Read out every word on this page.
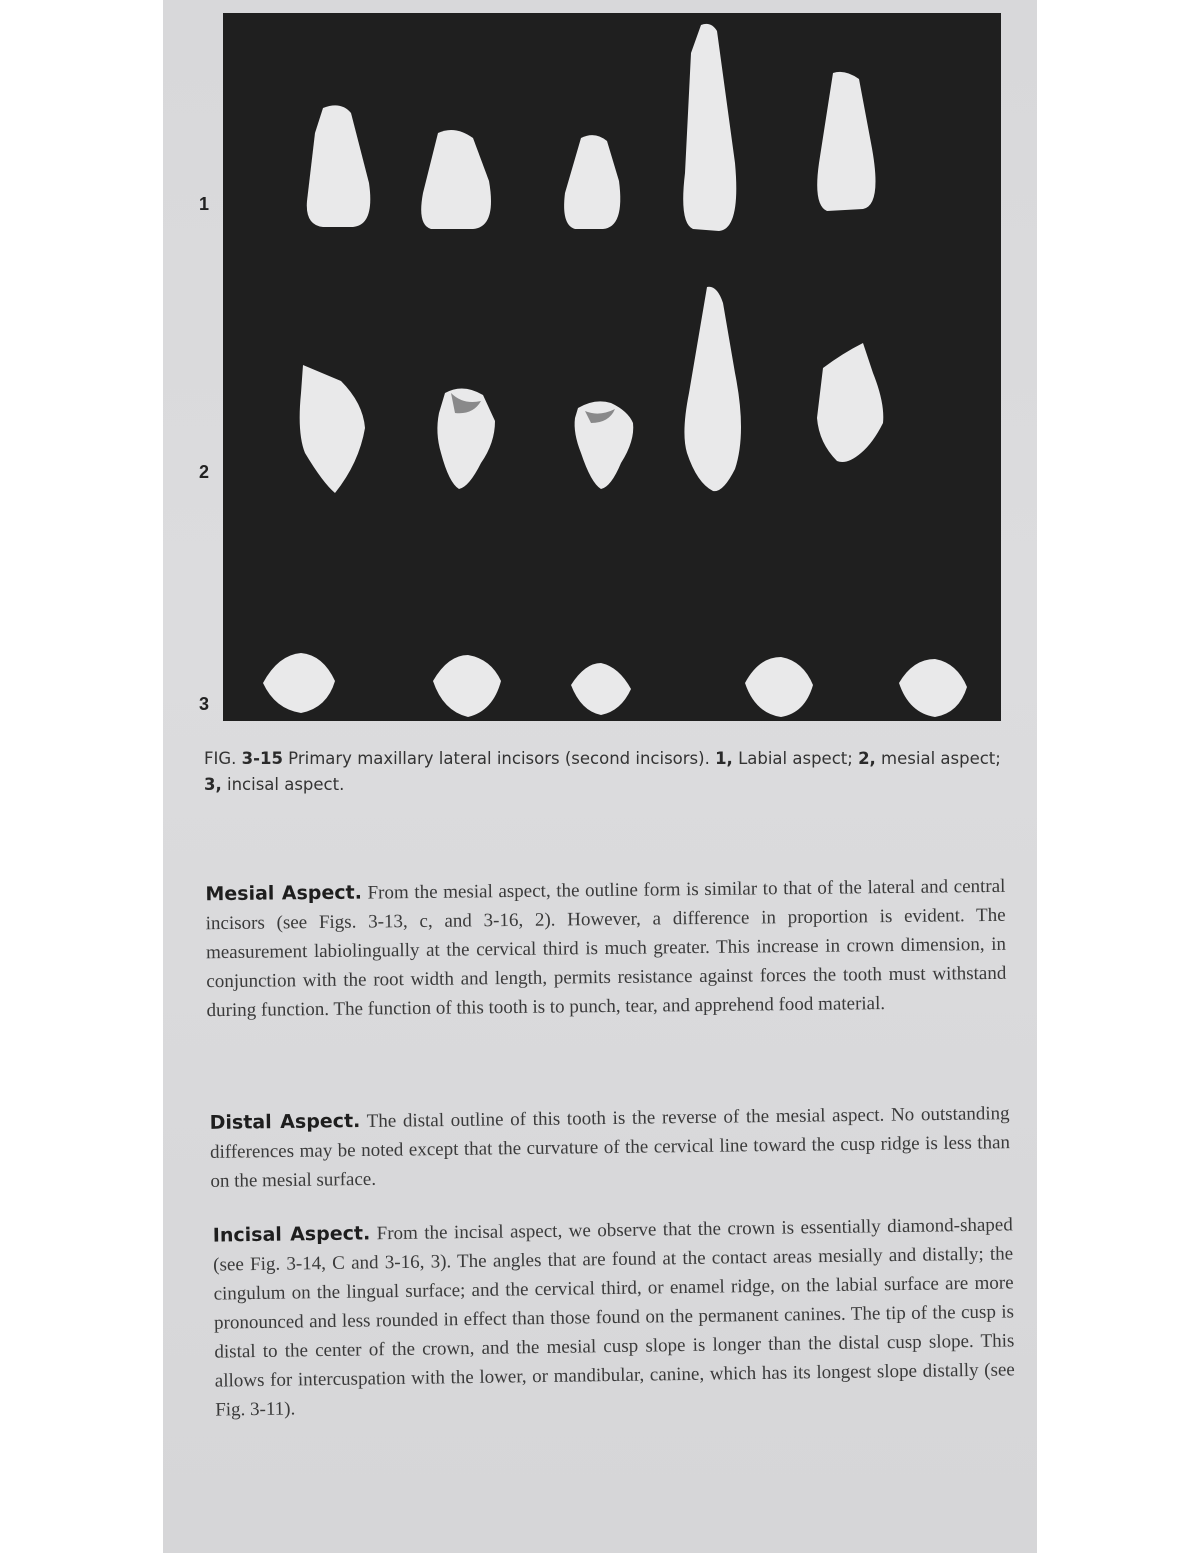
1
2
3
FIG. 3-15 Primary maxillary lateral incisors (second incisors). 1, Labial aspect; 2, mesial aspect; 3, incisal aspect.
Mesial Aspect. From the mesial aspect, the outline form is similar to that of the lateral and central incisors (see Figs. 3-13, c, and 3-16, 2). However, a difference in proportion is evident. The measurement labiolingually at the cervical third is much greater. This increase in crown dimension, in conjunction with the root width and length, permits resistance against forces the tooth must withstand during function. The function of this tooth is to punch, tear, and apprehend food material.
Distal Aspect. The distal outline of this tooth is the reverse of the mesial aspect. No outstanding differences may be noted except that the curvature of the cervical line toward the cusp ridge is less than on the mesial surface.
Incisal Aspect. From the incisal aspect, we observe that the crown is essentially diamond-shaped (see Fig. 3-14, C and 3-16, 3). The angles that are found at the contact areas mesially and distally; the cingulum on the lingual surface; and the cervical third, or enamel ridge, on the labial surface are more pronounced and less rounded in effect than those found on the permanent canines. The tip of the cusp is distal to the center of the crown, and the mesial cusp slope is longer than the distal cusp slope. This allows for intercuspation with the lower, or mandibular, canine, which has its longest slope distally (see Fig. 3-11).
